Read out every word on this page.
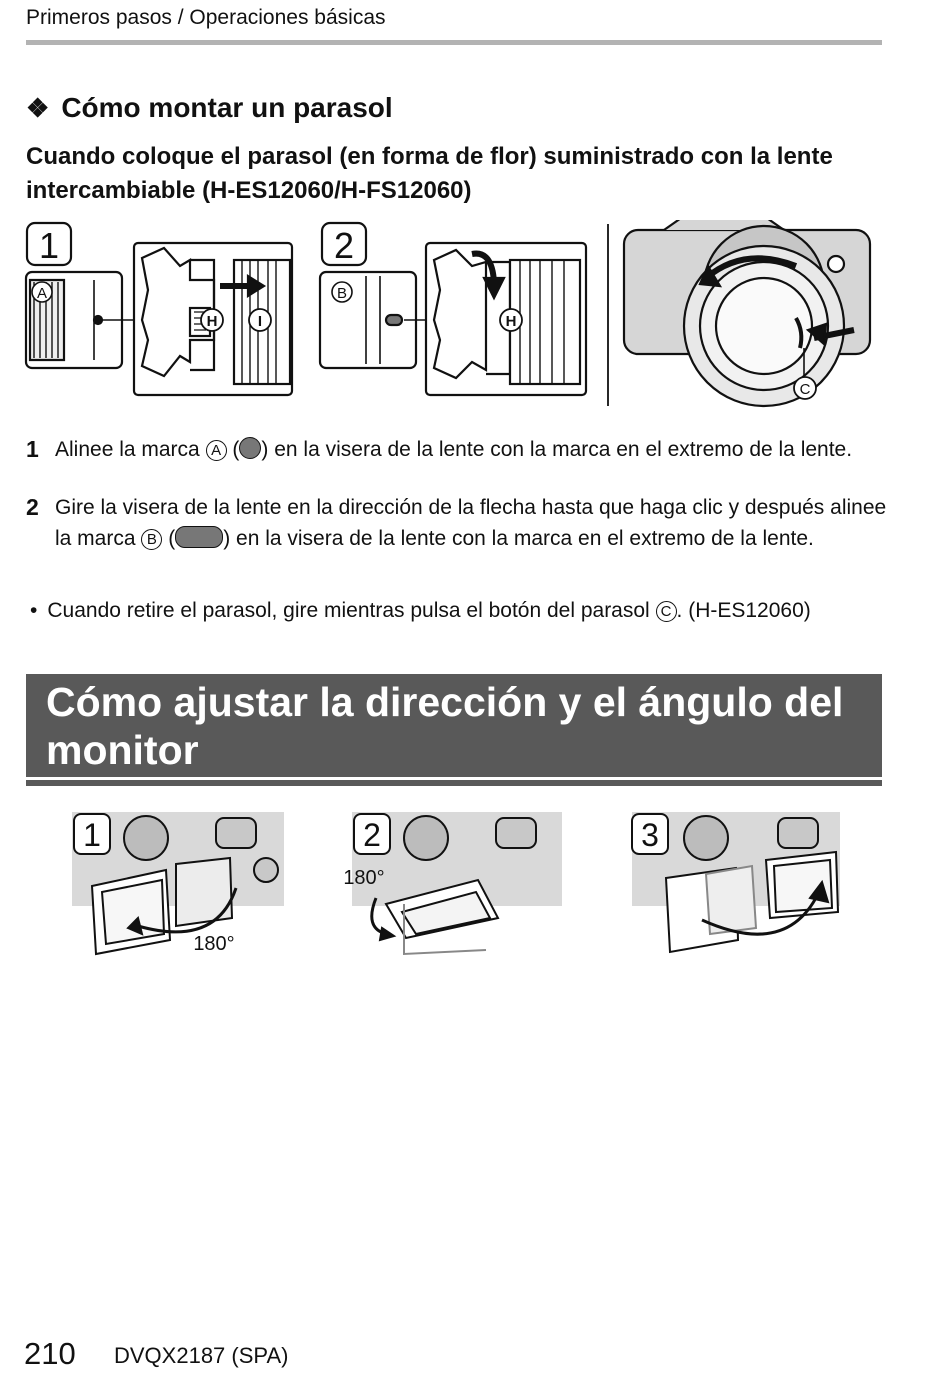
Primeros pasos / Operaciones básicas
❖ Cómo montar un parasol
Cuando coloque el parasol (en forma de flor) suministrado con la lente intercambiable (H-ES12060/H-FS12060)
1
A
H	I
2
B
H
C
1 Alinee la marca A ( ) en la visera de la lente con la marca en el extremo de la lente.
2 Gire la visera de la lente en la dirección de la flecha hasta que haga clic y después alinee la marca B ( ) en la visera de la lente con la marca en el extremo de la lente.
• Cuando retire el parasol, gire mientras pulsa el botón del parasol C . (H-ES12060)
Cómo ajustar la dirección y el ángulo del monitor
1
180°
2
180°
3
210 DVQX2187 (SPA)
